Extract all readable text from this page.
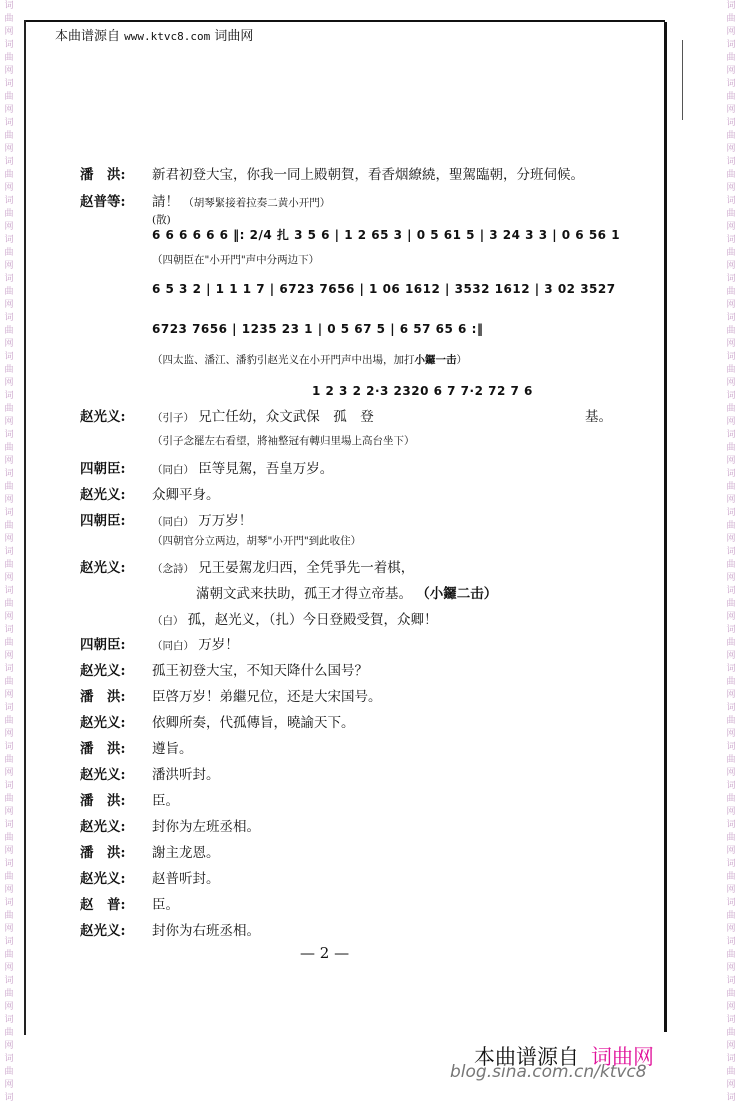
词
曲
网
词
曲
网
词
曲
网
词
曲
网
词
曲
网
词
曲
网
词
曲
网
词
曲
网
词
曲
网
词
曲
网
词
曲
网
词
曲
网
词
曲
网
词
曲
网
词
曲
网
词
曲
网
词
曲
网
词
曲
网
词
曲
网
词
曲
网
词
曲
网
词
曲
网
词
曲
网
词
曲
网
词
曲
网
词
曲
网
词
曲
网
词
曲
网
词
词
曲
网
词
曲
网
词
曲
网
词
曲
网
词
曲
网
词
曲
网
词
曲
网
词
曲
网
词
曲
网
词
曲
网
词
曲
网
词
曲
网
词
曲
网
词
曲
网
词
曲
网
词
曲
网
词
曲
网
词
曲
网
词
曲
网
词
曲
网
词
曲
网
词
曲
网
词
曲
网
词
曲
网
词
曲
网
词
曲
网
词
曲
网
词
曲
网
词
本曲谱源自 www.ktvc8.com 词曲网
潘　洪: 新君初登大宝，你我一同上殿朝賀，看香烟繚繞，聖駕臨朝，分班伺候。
赵普等: 請！ （胡琴緊接着拉奏二黄小开門）
(散)
6 6 6 6 6 6 ‖: 2/4 扎 3 5 6 | 1 2 65 3 | 0 5 61 5 | 3 24 3 3 | 0 6 56 1
（四朝臣在"小开門"声中分两边下）
6 5 3 2 | 1 1 1 7 | 6723 7656 | 1 06 1612 | 3532 1612 | 3 02 3527
6723 7656 | 1235 23 1 | 0 5 67 5 | 6 57 65 6 :‖
（四太监、潘江、潘豹引赵光义在小开門声中出場，加打小鑼一击）
1 2 3 2 2·3 2320 6 7 7·2 72 7 6
赵光义:	（引子） 兄亡任幼，众文武保　孤　登	基。
（引子念罷左右看望，將袖整冠有轉归里場上高台坐下）
四朝臣:	（同白） 臣等見駕，吾皇万岁。
赵光义: 众卿平身。
四朝臣:	（同白） 万万岁！
（四朝官分立两边，胡琴"小开門"到此收住）
赵光义:	（念詩） 兄王晏駕龙归西，全凭爭先一着棋，
滿朝文武来扶助，孤王才得立帝基。 （小鑼二击）
（白） 孤，赵光义，（扎）今日登殿受賀，众卿！
四朝臣:	（同白） 万岁！
赵光义: 孤王初登大宝，不知天降什么国号？
潘　洪: 臣啓万岁！弟繼兄位，还是大宋国号。
赵光义: 依卿所奏，代孤傳旨，曉諭天下。
潘　洪: 遵旨。
赵光义: 潘洪听封。
潘　洪: 臣。
赵光义: 封你为左班丞相。
潘　洪: 謝主龙恩。
赵光义: 赵普听封。
赵　普: 臣。
赵光义: 封你为右班丞相。
— 2 —
blog.sina.com.cn/ktvc8
本曲谱源自 词曲网
